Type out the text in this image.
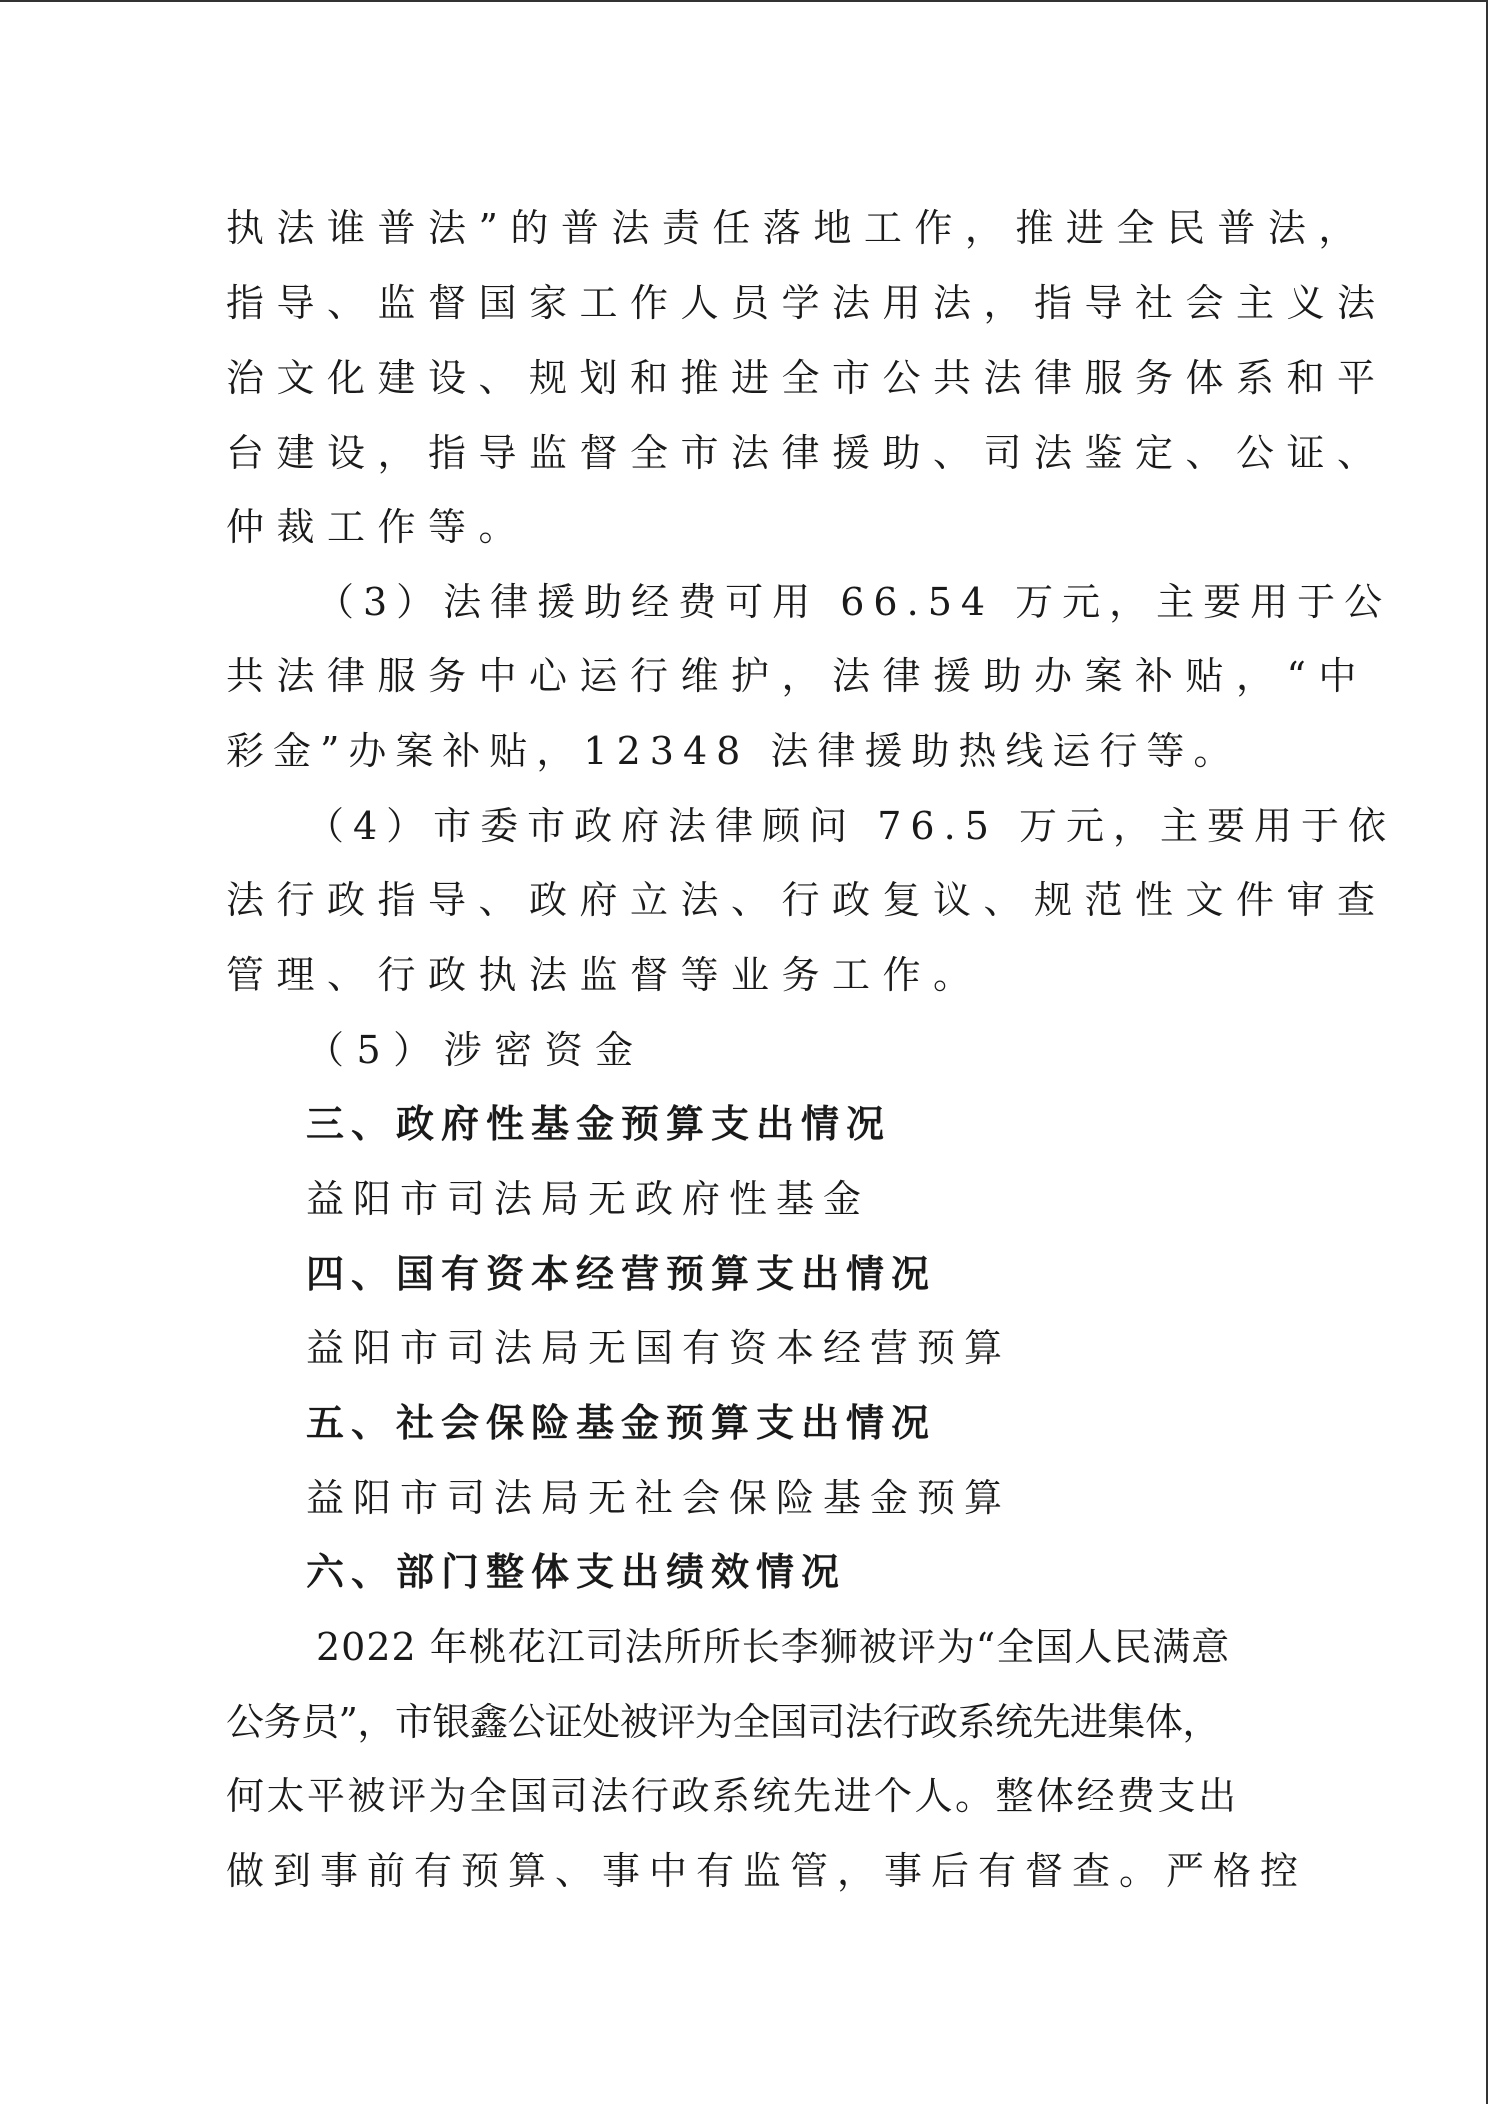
执法谁普法”的普法责任落地工作，推进全民普法，
指导、监督国家工作人员学法用法，指导社会主义法
治文化建设、规划和推进全市公共法律服务体系和平
台建设，指导监督全市法律援助、司法鉴定、公证、
仲裁工作等。
（3）法律援助经费可用 66.54 万元，主要用于公
共法律服务中心运行维护，法律援助办案补贴，“中
彩金”办案补贴，12348 法律援助热线运行等。
（4）市委市政府法律顾问 76.5 万元，主要用于依
法行政指导、政府立法、行政复议、规范性文件审查
管理、行政执法监督等业务工作。
（5）涉密资金
三、政府性基金预算支出情况
益阳市司法局无政府性基金
四、国有资本经营预算支出情况
益阳市司法局无国有资本经营预算
五、社会保险基金预算支出情况
益阳市司法局无社会保险基金预算
六、部门整体支出绩效情况
2022 年桃花江司法所所长李狮被评为“全国人民满意
公务员”，市银鑫公证处被评为全国司法行政系统先进集体，
何太平被评为全国司法行政系统先进个人。整体经费支出
做到事前有预算、事中有监管，事后有督查。严格控
